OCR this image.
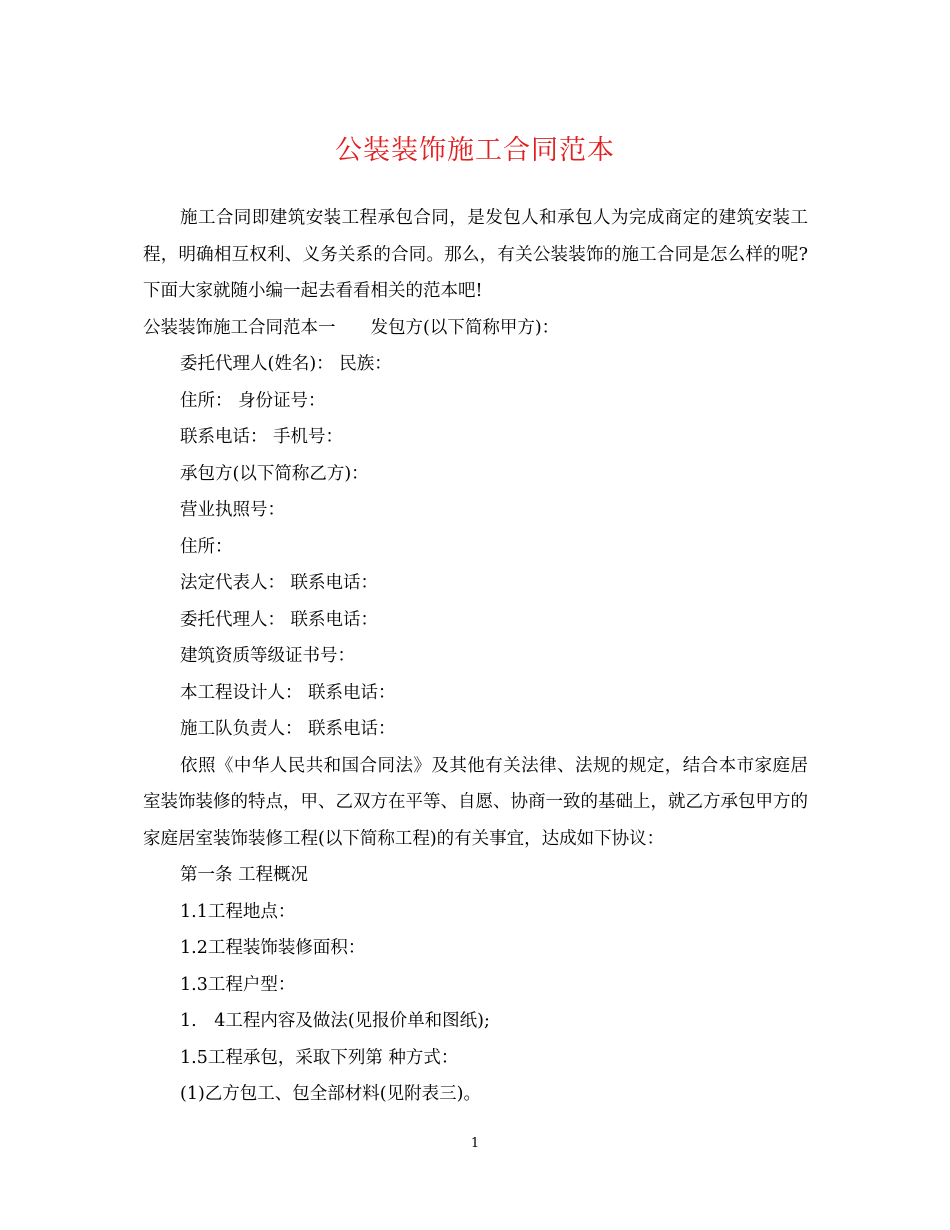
公装装饰施工合同范本

施工合同即建筑安装工程承包合同，是发包人和承包人为完成商定的建筑安装工程，明确相互权利、义务关系的合同。那么，有关公装装饰的施工合同是怎么样的呢?下面大家就随小编一起去看看相关的范本吧!

公装装饰施工合同范本一　　发包方(以下简称甲方)：

委托代理人(姓名)： 民族：

住所： 身份证号：

联系电话： 手机号：

承包方(以下简称乙方)：

营业执照号：

住所：

法定代表人： 联系电话：

委托代理人： 联系电话：

建筑资质等级证书号：

本工程设计人： 联系电话：

施工队负责人： 联系电话：

依照《中华人民共和国合同法》及其他有关法律、法规的规定，结合本市家庭居室装饰装修的特点，甲、乙双方在平等、自愿、协商一致的基础上，就乙方承包甲方的家庭居室装饰装修工程(以下简称工程)的有关事宜，达成如下协议：

第一条 工程概况

1.1工程地点：

1.2工程装饰装修面积：

1.3工程户型：

1.　4工程内容及做法(见报价单和图纸);

1.5工程承包，采取下列第 种方式：

(1)乙方包工、包全部材料(见附表三)。

1
